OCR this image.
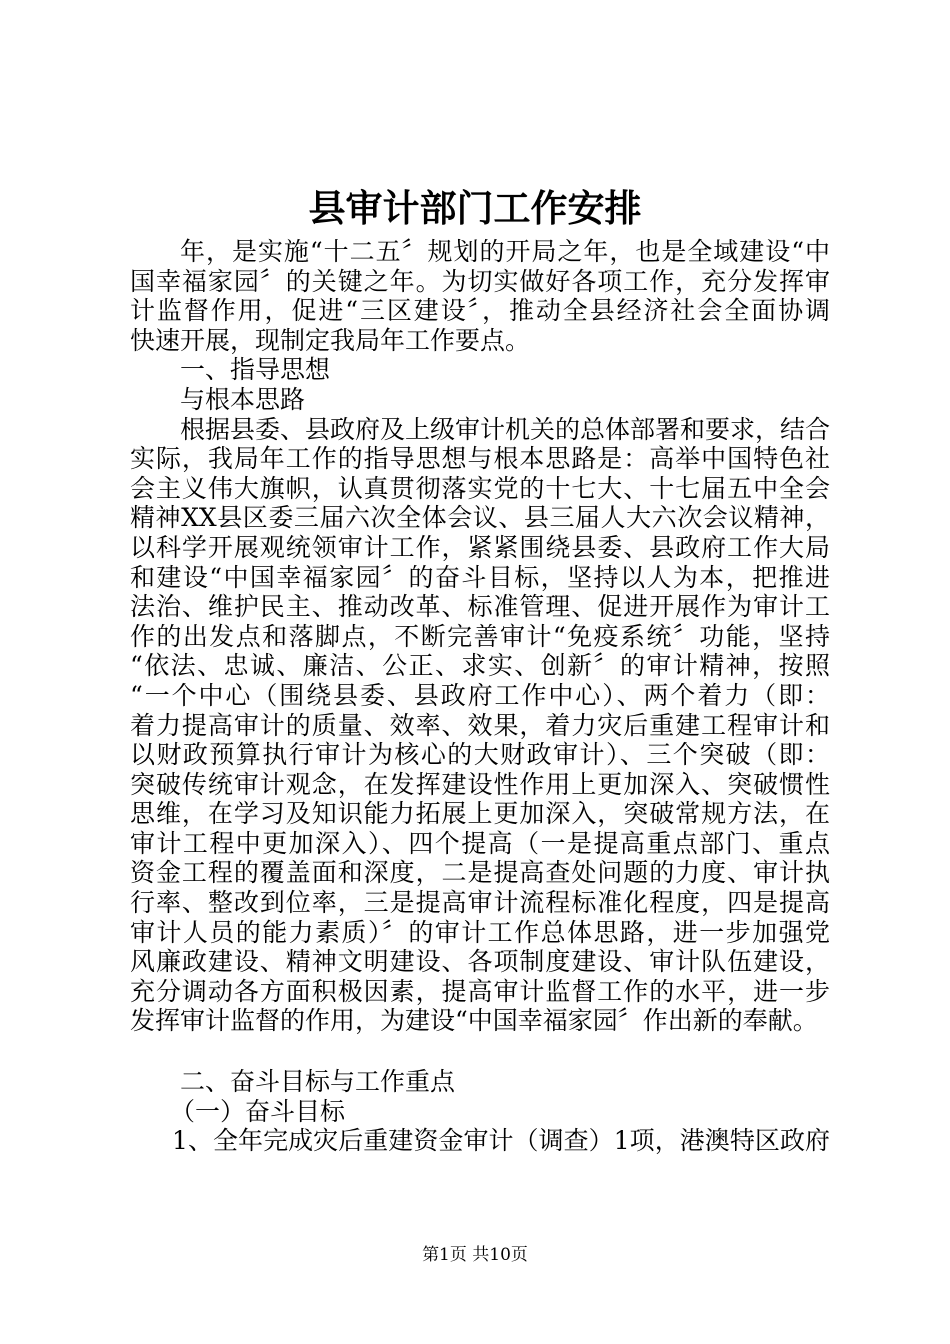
县审计部门工作安排
年，是实施“十二五〞规划的开局之年，也是全域建设“中
国幸福家园〞的关键之年。为切实做好各项工作，充分发挥审
计监督作用，促进“三区建设〞，推动全县经济社会全面协调
快速开展，现制定我局年工作要点。
一、指导思想
与根本思路
根据县委、县政府及上级审计机关的总体部署和要求，结合
实际，我局年工作的指导思想与根本思路是：高举中国特色社
会主义伟大旗帜，认真贯彻落实党的十七大、十七届五中全会
精神XX县区委三届六次全体会议、县三届人大六次会议精神，
以科学开展观统领审计工作，紧紧围绕县委、县政府工作大局
和建设“中国幸福家园〞的奋斗目标，坚持以人为本，把推进
法治、维护民主、推动改革、标准管理、促进开展作为审计工
作的出发点和落脚点，不断完善审计“免疫系统〞功能，坚持
“依法、忠诚、廉洁、公正、求实、创新〞的审计精神，按照
“一个中心（围绕县委、县政府工作中心）、两个着力（即：
着力提高审计的质量、效率、效果，着力灾后重建工程审计和
以财政预算执行审计为核心的大财政审计）、三个突破（即：
突破传统审计观念，在发挥建设性作用上更加深入、突破惯性
思维，在学习及知识能力拓展上更加深入，突破常规方法，在
审计工程中更加深入）、四个提高（一是提高重点部门、重点
资金工程的覆盖面和深度，二是提高查处问题的力度、审计执
行率、整改到位率，三是提高审计流程标准化程度，四是提高
审计人员的能力素质）〞的审计工作总体思路，进一步加强党
风廉政建设、精神文明建设、各项制度建设、审计队伍建设，
充分调动各方面积极因素，提高审计监督工作的水平，进一步
发挥审计监督的作用，为建设“中国幸福家园〞作出新的奉献。
二、奋斗目标与工作重点
（一）奋斗目标
1、全年完成灾后重建资金审计（调查）1项，港澳特区政府
第1页 共10页
